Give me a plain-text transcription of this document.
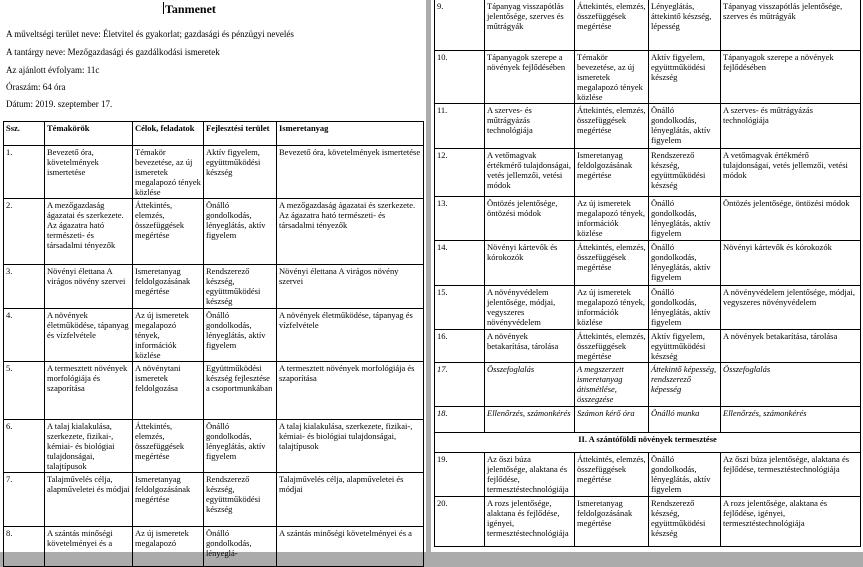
Tanmenet
A műveltségi terület neve: Életvitel és gyakorlat; gazdasági és pénzügyi nevelés
A tantárgy neve: Mezőgazdasági és gazdálkodási ismeretek
Az ajánlott évfolyam: 11c
Óraszám: 64 óra
Dátum: 2019. szeptember 17.
Ssz.	Témakörök	Célok, feladatok	Fejlesztési terület	Ismeretanyag
1.	Bevezető óra, követelmények ismertetése	Témakör bevezetése, az új ismeretek megalapozó tények közlése	Aktív figyelem, együttműködési készség	Bevezető óra, követelmények ismertetése
2.	A mezőgazdaság ágazatai és szerkezete. Az ágazatra ható természeti- és társadalmi tényezők	Áttekintés, elemzés, összefüggések megértése	Önálló gondolkodás, lényeglátás, aktív figyelem	A mezőgazdaság ágazatai és szerkezete. Az ágazatra ható természeti- és társadalmi tényezők
3.	Növényi élettana A virágos növény szervei	Ismeretanyag feldolgozásának megértése	Rendszerező készség, együttműködési készség	Növényi élettana A virágos növény szervei
4.	A növények életműködése, tápanyag és vízfelvétele	Az új ismeretek megalapozó tények, információk közlése	Önálló gondolkodás, lényeglátás, aktív figyelem	A növények életműködése, tápanyag és vízfelvétele
5.	A termesztett növények morfológiája és szaporítása	A növénytani ismeretek feldolgozása	Együttműködési készség fejlesztése a csoportmunkában	A termesztett növények morfológiája és szaporítása
6.	A talaj kialakulása, szerkezete, fizikai-, kémiai- és biológiai tulajdonságai, talajtípusok	Áttekintés, elemzés, összefüggések megértése	Önálló gondolkodás, lényeglátás, aktív figyelem	A talaj kialakulása, szerkezete, fizikai-, kémiai- és biológiai tulajdonságai, talajtípusok
7.	Talajművelés célja, alapműveletei és módjai	Ismeretanyag feldolgozásának megértése	Rendszerező készség, együttműködési készség	Talajművelés célja, alapműveletei és módjai
8.	A szántás minőségi követelményei és a	Az új ismeretek megalapozó	Önálló gondolkodás, lényeglá-	A szántás minőségi követelményei és a
9.	Tápanyag visszapótlás jelentősége, szerves és műtrágyák	Áttekintés, elemzés, összefüggések megértése	Lényeglátás, áttekintő készség, lépesség	Tápanyag visszapótlás jelentősége, szerves és műtrágyák
10.	Tápanyagok szerepe a növények fejlődésében	Témakör bevezetése, az új ismeretek megalapozó tények közlése	Aktív figyelem, együttműködési készség	Tápanyagok szerepe a növények fejlődésében
11.	A szerves- és műtrágyázás technológiája	Áttekintés, elemzés, összefüggések megértése	Önálló gondolkodás, lényeglátás, aktív figyelem	A szerves- és műtrágyázás technológiája
12.	A vetőmagvak értékmérő tulajdonságai, vetés jellemzői, vetési módok	Ismeretanyag feldolgozásának megértése	Rendszerező készség, együttműködési készség	A vetőmagvak értékmérő tulajdonságai, vetés jellemzői, vetési módok
13.	Öntözés jelentősége, öntözési módok	Az új ismeretek megalapozó tények, információk közlése	Önálló gondolkodás, lényeglátás, aktív figyelem	Öntözés jelentősége, öntözési módok
14.	Növényi kártevők és kórokozók	Áttekintés, elemzés, összefüggések megértése	Önálló gondolkodás, lényeglátás, aktív figyelem	Növényi kártevők és kórokozók
15.	A növényvédelem jelentősége, módjai, vegyszeres növényvédelem	Az új ismeretek megalapozó tények, információk közlése	Önálló gondolkodás, lényeglátás, aktív figyelem	A növényvédelem jelentősége, módjai, vegyszeres növényvédelem
16.	A növények betakarítása, tárolása	Áttekintés, elemzés, összefüggések megértése	Aktív figyelem, együttműködési készség	A növények betakarítása, tárolása
17.	Összefoglalás	A megszerzett ismeretanyag átismétlése, összegzése	Áttekintő képesség, rendszerező képesség	Összefoglalás
18.	Ellenőrzés, számonkérés	Számon kérő óra	Önálló munka	Ellenőrzés, számonkérés
II. A szántóföldi növények termesztése				
19.	Az őszi búza jelentősége, alaktana és fejlődése, termesztéstechnológiája	Áttekintés, elemzés, összefüggések megértése	Önálló gondolkodás, lényeglátás, aktív figyelem	Az őszi búza jelentősége, alaktana és fejlődése, termesztéstechnológiája
20.	A rozs jelentősége, alaktana és fejlődése, igényei, termesztéstechnológiája	Ismeretanyag feldolgozásának megértése	Rendszerező készség, együttműködési készség	A rozs jelentősége, alaktana és fejlődése, igényei, termesztéstechnológiája
